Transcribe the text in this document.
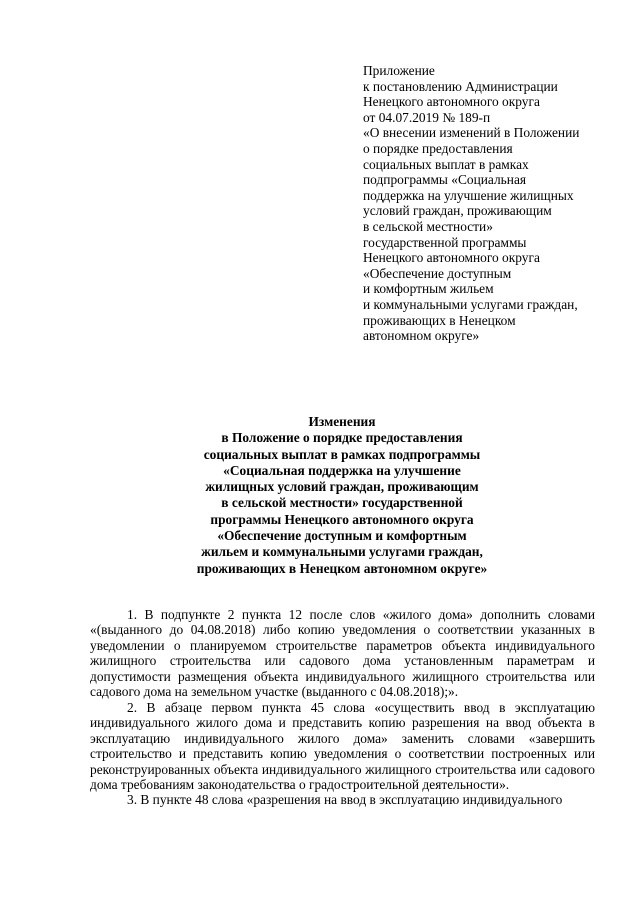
Приложение
к постановлению Администрации
Ненецкого автономного округа
от 04.07.2019 № 189-п
«О внесении изменений в Положении
о порядке предоставления
социальных выплат в рамках
подпрограммы «Социальная
поддержка на улучшение жилищных
условий граждан, проживающим
в сельской местности»
государственной программы
Ненецкого автономного округа
«Обеспечение доступным
и комфортным жильем
и коммунальными услугами граждан,
проживающих в Ненецком
автономном округе»
Изменения
в Положение о порядке предоставления
социальных выплат в рамках подпрограммы
«Социальная поддержка на улучшение
жилищных условий граждан, проживающим
в сельской местности» государственной
программы Ненецкого автономного округа
«Обеспечение доступным и комфортным
жильем и коммунальными услугами граждан,
проживающих в Ненецком автономном округе»

1. В подпункте 2 пункта 12 после слов «жилого дома» дополнить словами «(выданного до 04.08.2018) либо копию уведомления о соответствии указанных в уведомлении о планируемом строительстве параметров объекта индивидуального жилищного строительства или садового дома установленным параметрам и допустимости размещения объекта индивидуального жилищного строительства или садового дома на земельном участке (выданного с 04.08.2018);».

2. В абзаце первом пункта 45 слова «осуществить ввод в эксплуатацию индивидуального жилого дома и представить копию разрешения на ввод объекта в эксплуатацию индивидуального жилого дома» заменить словами «завершить строительство и представить копию уведомления о соответствии построенных или реконструированных объекта индивидуального жилищного строительства или садового дома требованиям законодательства о градостроительной деятельности».

3. В пункте 48 слова «разрешения на ввод в эксплуатацию индивидуального
